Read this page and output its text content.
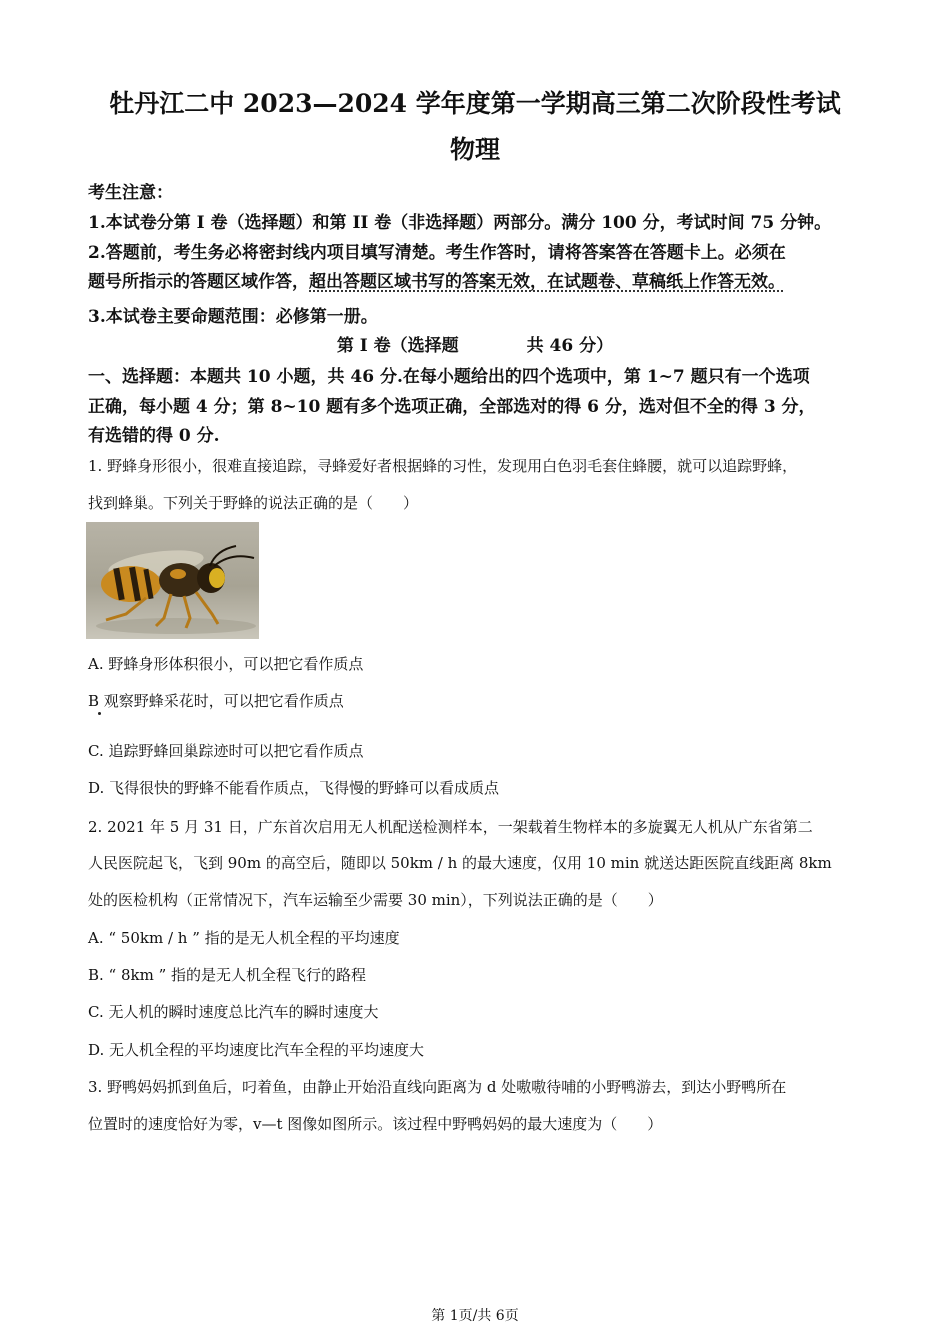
牡丹江二中 2023—2024 学年度第一学期高三第二次阶段性考试
物理
考生注意：
1.本试卷分第 I 卷（选择题）和第 II 卷（非选择题）两部分。满分 100 分，考试时间 75 分钟。
2.答题前，考生务必将密封线内项目填写清楚。考生作答时，请将答案答在答题卡上。必须在
题号所指示的答题区域作答，超出答题区域书写的答案无效，在试题卷、草稿纸上作答无效。
3.本试卷主要命题范围：必修第一册。
第 I 卷（选择题　　　　共 46 分）
一、选择题：本题共 10 小题，共 46 分.在每小题给出的四个选项中，第 1~7 题只有一个选项
正确，每小题 4 分；第 8~10 题有多个选项正确，全部选对的得 6 分，选对但不全的得 3 分，
有选错的得 0 分.
1. 野蜂身形很小，很难直接追踪，寻蜂爱好者根据蜂的习性，发现用白色羽毛套住蜂腰，就可以追踪野蜂，
找到蜂巢。下列关于野蜂的说法正确的是（　　）
A. 野蜂身形体积很小，可以把它看作质点
B 观察野蜂采花时，可以把它看作质点
C. 追踪野蜂回巢踪迹时可以把它看作质点
D. 飞得很快的野蜂不能看作质点，飞得慢的野蜂可以看成质点
2. 2021 年 5 月 31 日，广东首次启用无人机配送检测样本，一架载着生物样本的多旋翼无人机从广东省第二
人民医院起飞，飞到 90m 的高空后，随即以 50km / h 的最大速度，仅用 10 min 就送达距医院直线距离 8km
处的医检机构（正常情况下，汽车运输至少需要 30 min），下列说法正确的是（　　）
A. “ 50km / h ” 指的是无人机全程的平均速度
B. “ 8km ” 指的是无人机全程飞行的路程
C. 无人机的瞬时速度总比汽车的瞬时速度大
D. 无人机全程的平均速度比汽车全程的平均速度大
3. 野鸭妈妈抓到鱼后，叼着鱼，由静止开始沿直线向距离为 d 处嗷嗷待哺的小野鸭游去，到达小野鸭所在
位置时的速度恰好为零，v—t 图像如图所示。该过程中野鸭妈妈的最大速度为（　　）
第 1页/共 6页
